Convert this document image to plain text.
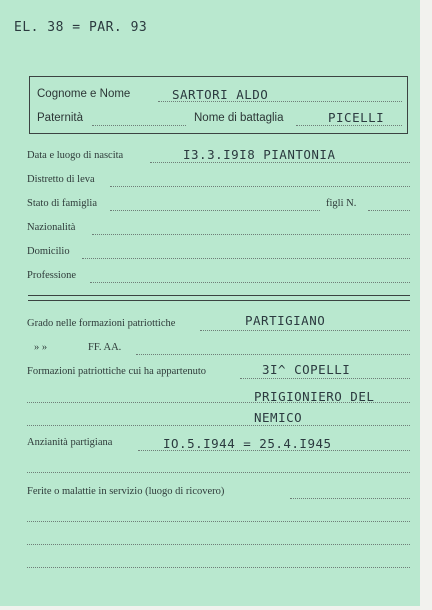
EL. 38 = PAR. 93
Cognome e Nome	SARTORI ALDO
Paternità	Nome di battaglia	PICELLI
Data e luogo di nascita	I3.3.I9I8 PIANTONIA
Distretto di leva
Stato di famiglia	figli N.
Nazionalità
Domicilio
Professione
Grado nelle formazioni patriottiche	PARTIGIANO
» »	FF. AA.
Formazioni patriottiche cui ha appartenuto	3I^ COPELLI
PRIGIONIERO DEL
NEMICO
Anzianità partigiana	IO.5.I944 = 25.4.I945
Ferite o malattie in servizio (luogo di ricovero)
